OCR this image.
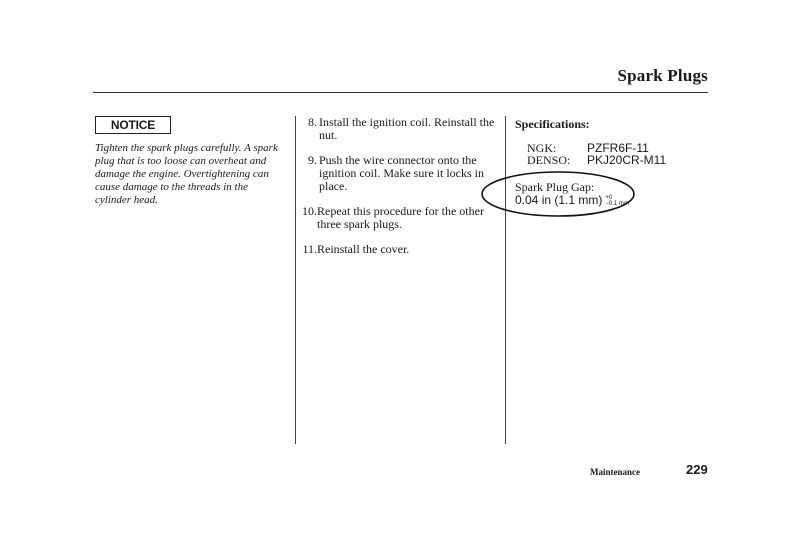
Spark Plugs
NOTICE
Tighten the spark plugs carefully. A spark plug that is too loose can overheat and damage the engine. Overtightening can cause damage to the threads in the cylinder head.
8. Install the ignition coil. Reinstall the nut.
9. Push the wire connector onto the ignition coil. Make sure it locks in place.
10. Repeat this procedure for the other three spark plugs.
11. Reinstall the cover.
Specifications:
NGK:	PZFR6F-11
DENSO: PKJ20CR-M11
Spark Plug Gap:
0.04 in (1.1 mm) +0
−0.1 mm
Maintenance	229
